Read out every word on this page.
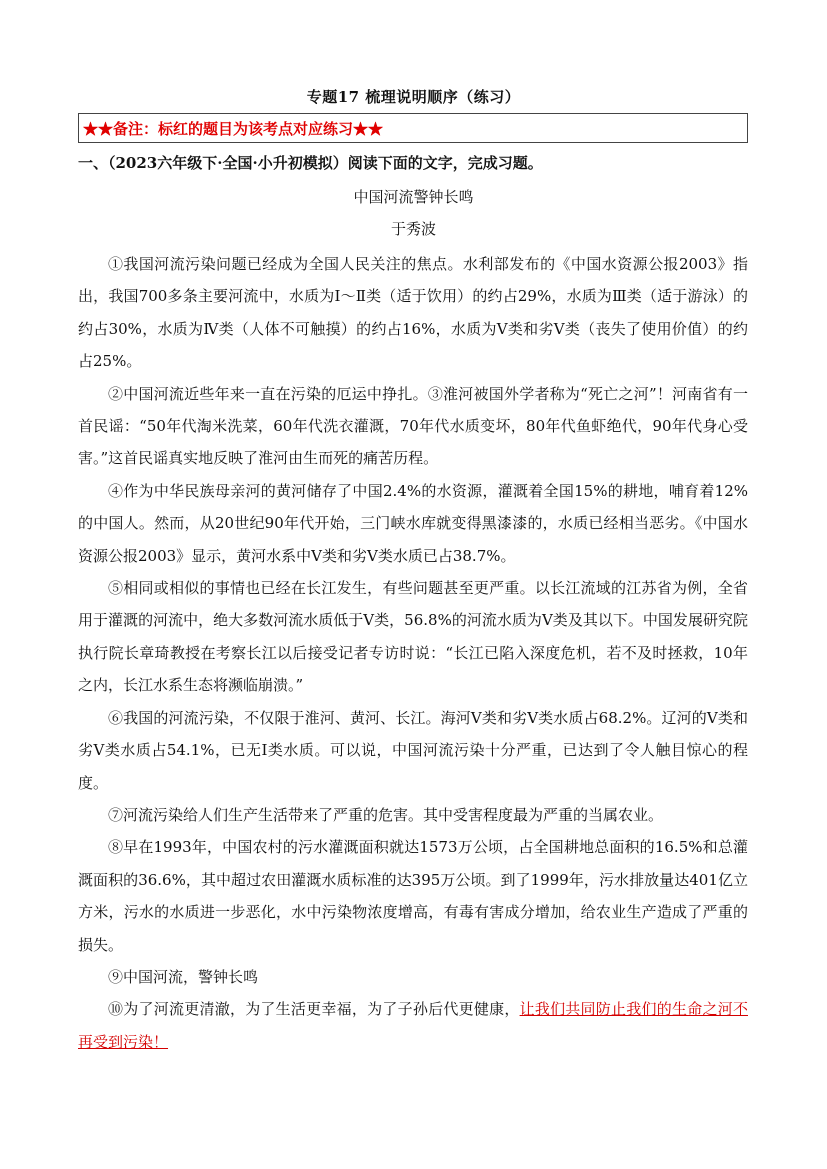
专题17 梳理说明顺序（练习）
★★备注：标红的题目为该考点对应练习★★
一、（2023六年级下·全国·小升初模拟）阅读下面的文字，完成习题。
中国河流警钟长鸣
于秀波

①我国河流污染问题已经成为全国人民关注的焦点。水利部发布的《中国水资源公报2003》指出，我国700多条主要河流中，水质为Ⅰ～Ⅱ类（适于饮用）的约占29%，水质为Ⅲ类（适于游泳）的约占30%，水质为Ⅳ类（人体不可触摸）的约占16%，水质为Ⅴ类和劣Ⅴ类（丧失了使用价值）的约占25%。

②中国河流近些年来一直在污染的厄运中挣扎。③淮河被国外学者称为“死亡之河”！河南省有一首民谣：“50年代淘米洗菜，60年代洗衣灌溉，70年代水质变坏，80年代鱼虾绝代，90年代身心受害。”这首民谣真实地反映了淮河由生而死的痛苦历程。

④作为中华民族母亲河的黄河储存了中国2.4%的水资源，灌溉着全国15%的耕地，哺育着12%的中国人。然而，从20世纪90年代开始，三门峡水库就变得黑漆漆的，水质已经相当恶劣。《中国水资源公报2003》显示，黄河水系中Ⅴ类和劣Ⅴ类水质已占38.7%。

⑤相同或相似的事情也已经在长江发生，有些问题甚至更严重。以长江流域的江苏省为例，全省用于灌溉的河流中，绝大多数河流水质低于Ⅴ类，56.8%的河流水质为Ⅴ类及其以下。中国发展研究院执行院长章琦教授在考察长江以后接受记者专访时说：“长江已陷入深度危机，若不及时拯救，10年之内，长江水系生态将濒临崩溃。”

⑥我国的河流污染，不仅限于淮河、黄河、长江。海河Ⅴ类和劣Ⅴ类水质占68.2%。辽河的Ⅴ类和劣Ⅴ类水质占54.1%，已无Ⅰ类水质。可以说，中国河流污染十分严重，已达到了令人触目惊心的程度。

⑦河流污染给人们生产生活带来了严重的危害。其中受害程度最为严重的当属农业。

⑧早在1993年，中国农村的污水灌溉面积就达1573万公顷，占全国耕地总面积的16.5%和总灌溉面积的36.6%，其中超过农田灌溉水质标准的达395万公顷。到了1999年，污水排放量达401亿立方米，污水的水质进一步恶化，水中污染物浓度增高，有毒有害成分增加，给农业生产造成了严重的损失。

⑨中国河流，警钟长鸣

⑩为了河流更清澈，为了生活更幸福，为了子孙后代更健康，让我们共同防止我们的生命之河不再受到污染！
